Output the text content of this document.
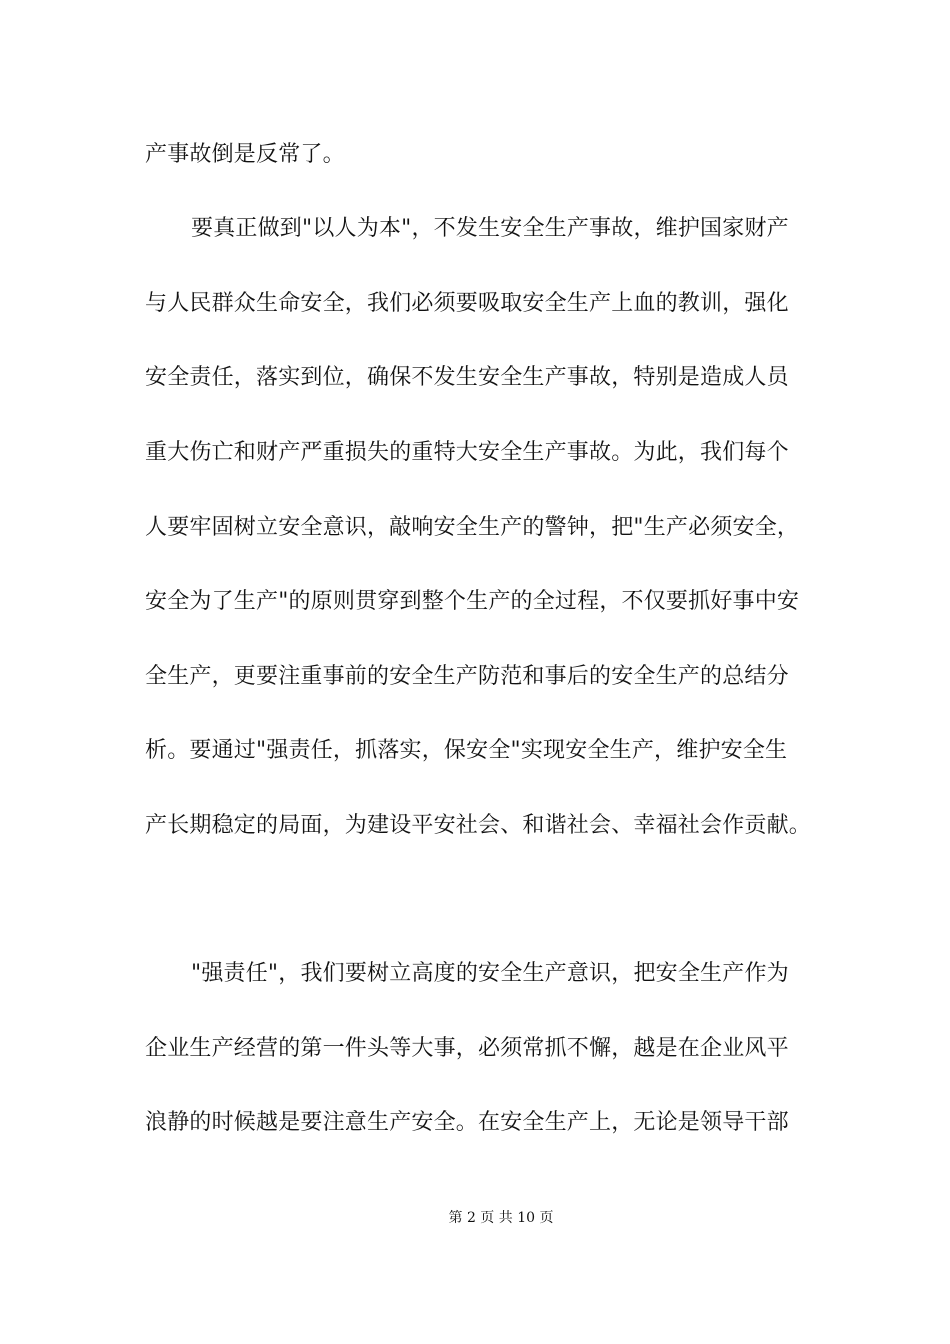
产事故倒是反常了。
要真正做到"以人为本"，不发生安全生产事故，维护国家财产
与人民群众生命安全，我们必须要吸取安全生产上血的教训，强化
安全责任，落实到位，确保不发生安全生产事故，特别是造成人员
重大伤亡和财产严重损失的重特大安全生产事故。为此，我们每个
人要牢固树立安全意识，敲响安全生产的警钟，把"生产必须安全，
安全为了生产"的原则贯穿到整个生产的全过程，不仅要抓好事中安
全生产，更要注重事前的安全生产防范和事后的安全生产的总结分
析。要通过"强责任，抓落实，保安全"实现安全生产，维护安全生
产长期稳定的局面，为建设平安社会、和谐社会、幸福社会作贡献。
"强责任"，我们要树立高度的安全生产意识，把安全生产作为
企业生产经营的第一件头等大事，必须常抓不懈，越是在企业风平
浪静的时候越是要注意生产安全。在安全生产上，无论是领导干部
第 2 页 共 10 页
